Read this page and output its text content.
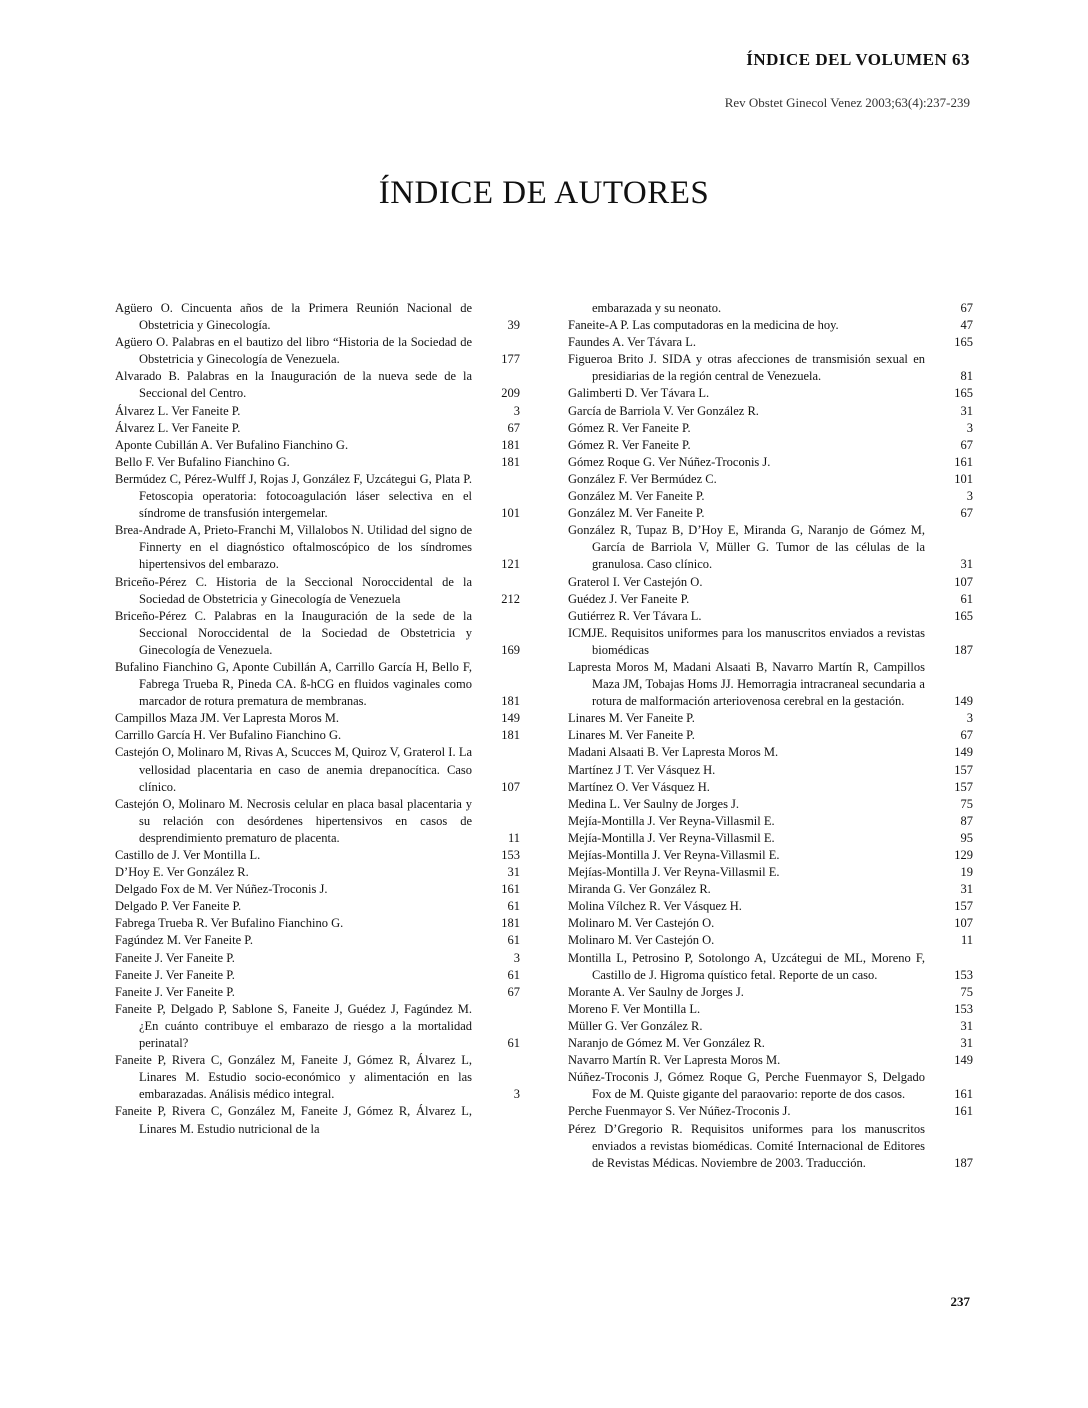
ÍNDICE DEL VOLUMEN 63
Rev Obstet Ginecol Venez 2003;63(4):237-239
ÍNDICE DE AUTORES
Agüero O. Cincuenta años de la Primera Reunión Nacional de Obstetricia y Ginecología.	39
Agüero O. Palabras en el bautizo del libro “Historia de la Sociedad de Obstetricia y Ginecología de Venezuela.	177
Alvarado B. Palabras en la Inauguración de la nueva sede de la Seccional del Centro.	209
Álvarez L. Ver Faneite P.	3
Álvarez L. Ver Faneite P.	67
Aponte Cubillán A. Ver Bufalino Fianchino G.	181
Bello F. Ver Bufalino Fianchino G.	181
Bermúdez C, Pérez-Wulff J, Rojas J, González F, Uzcátegui G, Plata P. Fetoscopia operatoria: fotocoagulación láser selectiva en el síndrome de transfusión intergemelar.	101
Brea-Andrade A, Prieto-Franchi M, Villalobos N. Utilidad del signo de Finnerty en el diagnóstico oftalmoscópico de los síndromes hipertensivos del embarazo.	121
Briceño-Pérez C. Historia de la Seccional Noroccidental de la Sociedad de Obstetricia y Ginecología de Venezuela	212
Briceño-Pérez C. Palabras en la Inauguración de la sede de la Seccional Noroccidental de la Sociedad de Obstetricia y Ginecología de Venezuela.	169
Bufalino Fianchino G, Aponte Cubillán A, Carrillo García H, Bello F, Fabrega Trueba R, Pineda CA. ß-hCG en fluidos vaginales como marcador de rotura prematura de membranas.	181
Campillos Maza JM. Ver Lapresta Moros M.	149
Carrillo García H. Ver Bufalino Fianchino G.	181
Castejón O, Molinaro M, Rivas A, Scucces M, Quiroz V, Graterol I. La vellosidad placentaria en caso de anemia drepanocítica. Caso clínico.	107
Castejón O, Molinaro M. Necrosis celular en placa basal placentaria y su relación con desórdenes hipertensivos en casos de desprendimiento prematuro de placenta.	11
Castillo de J. Ver Montilla L.	153
D’Hoy E. Ver González R.	31
Delgado Fox de M. Ver Núñez-Troconis J.	161
Delgado P. Ver Faneite P.	61
Fabrega Trueba R. Ver Bufalino Fianchino G.	181
Fagúndez M. Ver Faneite P.	61
Faneite J. Ver Faneite P.	3
Faneite J. Ver Faneite P.	61
Faneite J. Ver Faneite P.	67
Faneite P, Delgado P, Sablone S, Faneite J, Guédez J, Fagúndez M. ¿En cuánto contribuye el embarazo de riesgo a la mortalidad perinatal?	61
Faneite P, Rivera C, González M, Faneite J, Gómez R, Álvarez L, Linares M. Estudio socio-económico y alimentación en las embarazadas. Análisis médico integral.	3
Faneite P, Rivera C, González M, Faneite J, Gómez R, Álvarez L, Linares M. Estudio nutricional de la
embarazada y su neonato.	67
Faneite-A P. Las computadoras en la medicina de hoy.	47
Faundes A. Ver Távara L.	165
Figueroa Brito J. SIDA y otras afecciones de transmisión sexual en presidiarias de la región central de Venezuela.	81
Galimberti D. Ver Távara L.	165
García de Barriola V. Ver González R.	31
Gómez R. Ver Faneite P.	3
Gómez R. Ver Faneite P.	67
Gómez Roque G. Ver Núñez-Troconis J.	161
González F. Ver Bermúdez C.	101
González M. Ver Faneite P.	3
González M. Ver Faneite P.	67
González R, Tupaz B, D’Hoy E, Miranda G, Naranjo de Gómez M, García de Barriola V, Müller G. Tumor de las células de la granulosa. Caso clínico.	31
Graterol I. Ver Castejón O.	107
Guédez J. Ver Faneite P.	61
Gutiérrez R. Ver Távara L.	165
ICMJE. Requisitos uniformes para los manuscritos enviados a revistas biomédicas	187
Lapresta Moros M, Madani Alsaati B, Navarro Martín R, Campillos Maza JM, Tobajas Homs JJ. Hemorragia intracraneal secundaria a rotura de malformación arteriovenosa cerebral en la gestación.	149
Linares M. Ver Faneite P.	3
Linares M. Ver Faneite P.	67
Madani Alsaati B. Ver Lapresta Moros M.	149
Martínez J T. Ver Vásquez H.	157
Martínez O. Ver Vásquez H.	157
Medina L. Ver Saulny de Jorges J.	75
Mejía-Montilla J. Ver Reyna-Villasmil E.	87
Mejía-Montilla J. Ver Reyna-Villasmil E.	95
Mejías-Montilla J. Ver Reyna-Villasmil E.	129
Mejías-Montilla J. Ver Reyna-Villasmil E.	19
Miranda G. Ver González R.	31
Molina Vílchez R. Ver Vásquez H.	157
Molinaro M. Ver Castejón O.	107
Molinaro M. Ver Castejón O.	11
Montilla L, Petrosino P, Sotolongo A, Uzcátegui de ML, Moreno F, Castillo de J. Higroma quístico fetal. Reporte de un caso.	153
Morante A. Ver Saulny de Jorges J.	75
Moreno F. Ver Montilla L.	153
Müller G. Ver González R.	31
Naranjo de Gómez M. Ver González R.	31
Navarro Martín R. Ver Lapresta Moros M.	149
Núñez-Troconis J, Gómez Roque G, Perche Fuenmayor S, Delgado Fox de M. Quiste gigante del paraovario: reporte de dos casos.	161
Perche Fuenmayor S. Ver Núñez-Troconis J.	161
Pérez D’Gregorio R. Requisitos uniformes para los manuscritos enviados a revistas biomédicas. Comité Internacional de Editores de Revistas Médicas. Noviembre de 2003. Traducción.	187
237
